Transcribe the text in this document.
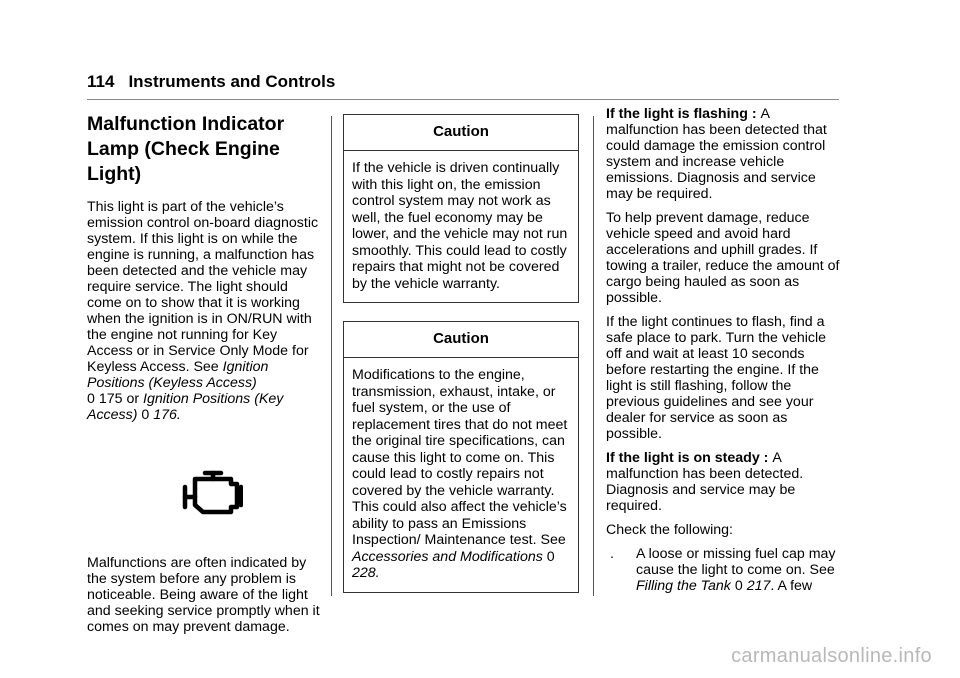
114 Instruments and Controls
Malfunction Indicator Lamp (Check Engine Light)

This light is part of the vehicle’s emission control on-board diagnostic system. If this light is on while the engine is running, a malfunction has been detected and the vehicle may require service. The light should come on to show that it is working when the ignition is in ON/RUN with the engine not running for Key Access or in Service Only Mode for Keyless Access. See Ignition Positions (Keyless Access)
0 175 or Ignition Positions (Key Access) 0 176.

Malfunctions are often indicated by the system before any problem is noticeable. Being aware of the light and seeking service promptly when it comes on may prevent damage.

Caution
If the vehicle is driven continually with this light on, the emission control system may not work as well, the fuel economy may be lower, and the vehicle may not run smoothly. This could lead to costly repairs that might not be covered by the vehicle warranty.
Caution
Modifications to the engine, transmission, exhaust, intake, or fuel system, or the use of replacement tires that do not meet the original tire specifications, can cause this light to come on. This could lead to costly repairs not covered by the vehicle warranty. This could also affect the vehicle’s ability to pass an Emissions Inspection/ Maintenance test. See
Accessories and Modifications 0 228.

If the light is flashing : A malfunction has been detected that could damage the emission control system and increase vehicle emissions. Diagnosis and service may be required.

To help prevent damage, reduce vehicle speed and avoid hard accelerations and uphill grades. If towing a trailer, reduce the amount of cargo being hauled as soon as possible.

If the light continues to flash, find a safe place to park. Turn the vehicle off and wait at least 10 seconds before restarting the engine. If the light is still flashing, follow the previous guidelines and see your dealer for service as soon as possible.

If the light is on steady : A malfunction has been detected. Diagnosis and service may be required.

Check the following:

.	A loose or missing fuel cap may cause the light to come on. See Filling the Tank 0 217. A few
carmanualsonline.info
